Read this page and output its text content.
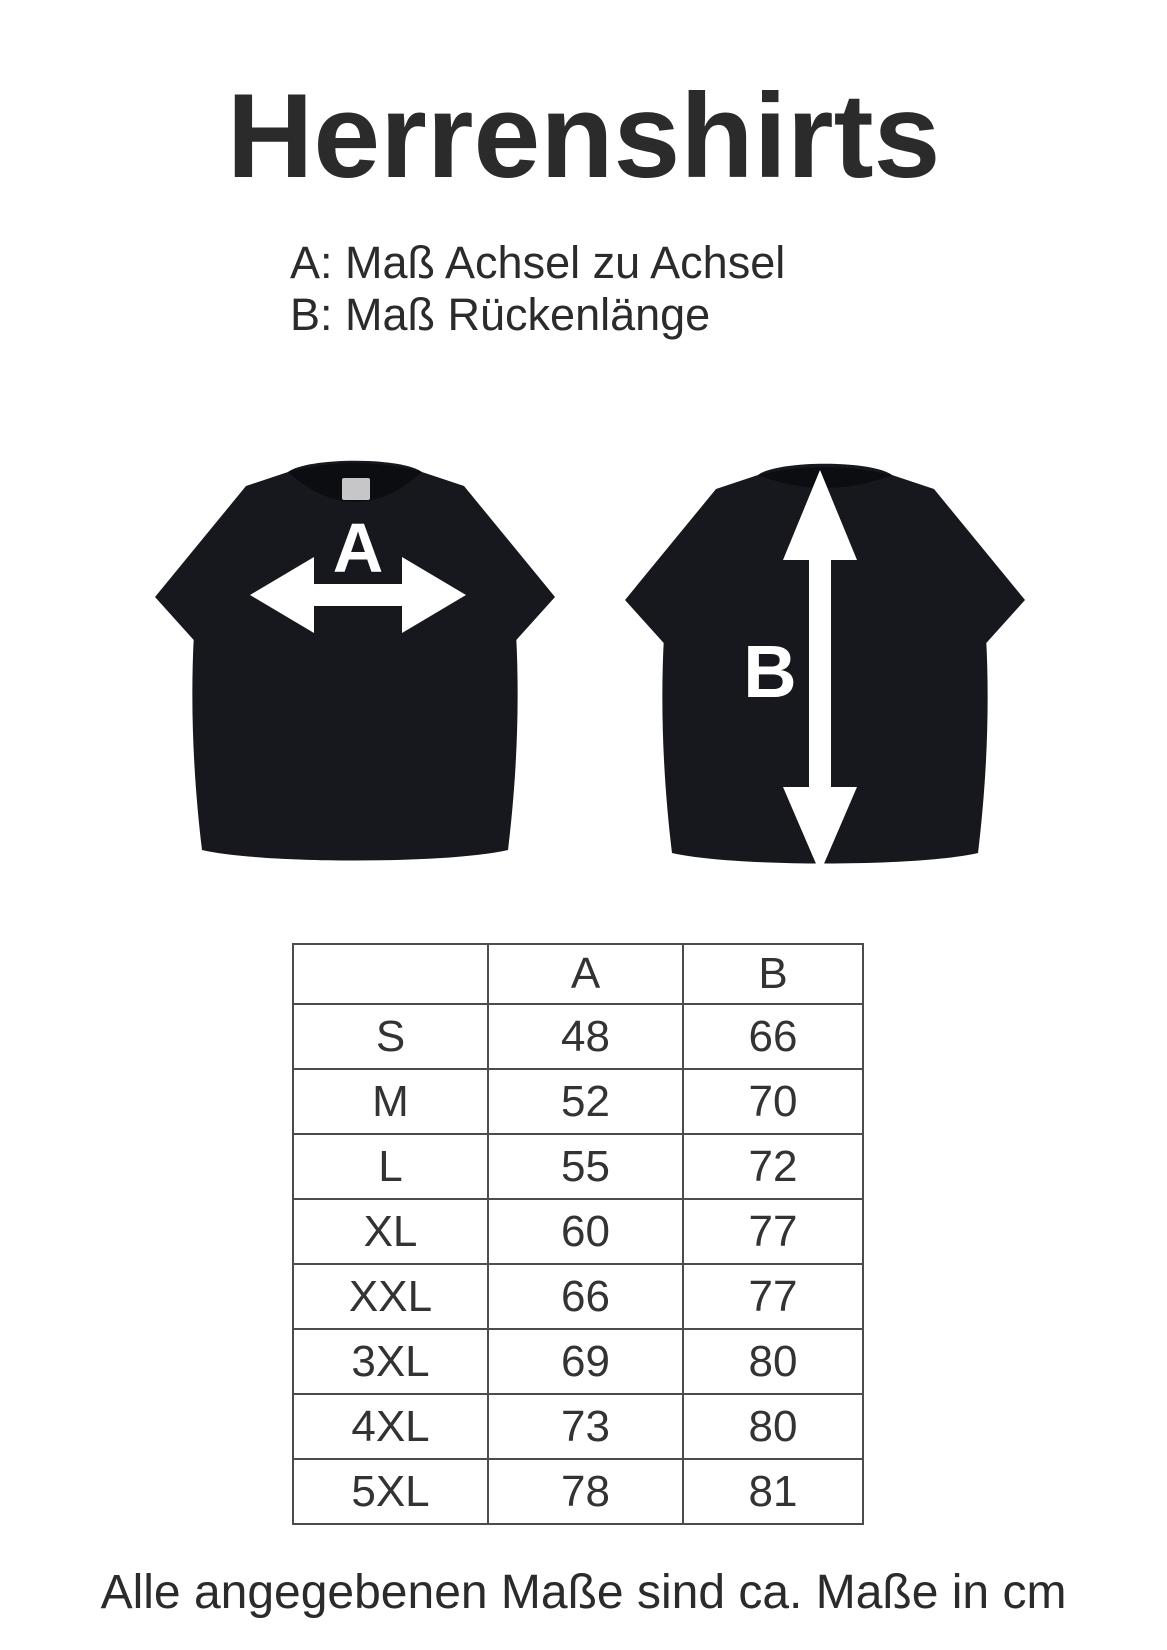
Herrenshirts
A: Maß Achsel zu Achsel
B: Maß Rückenlänge
A
B
	A	B
S	48	66
M	52	70
L	55	72
XL	60	77
XXL	66	77
3XL	69	80
4XL	73	80
5XL	78	81
Alle angegebenen Maße sind ca. Maße in cm
